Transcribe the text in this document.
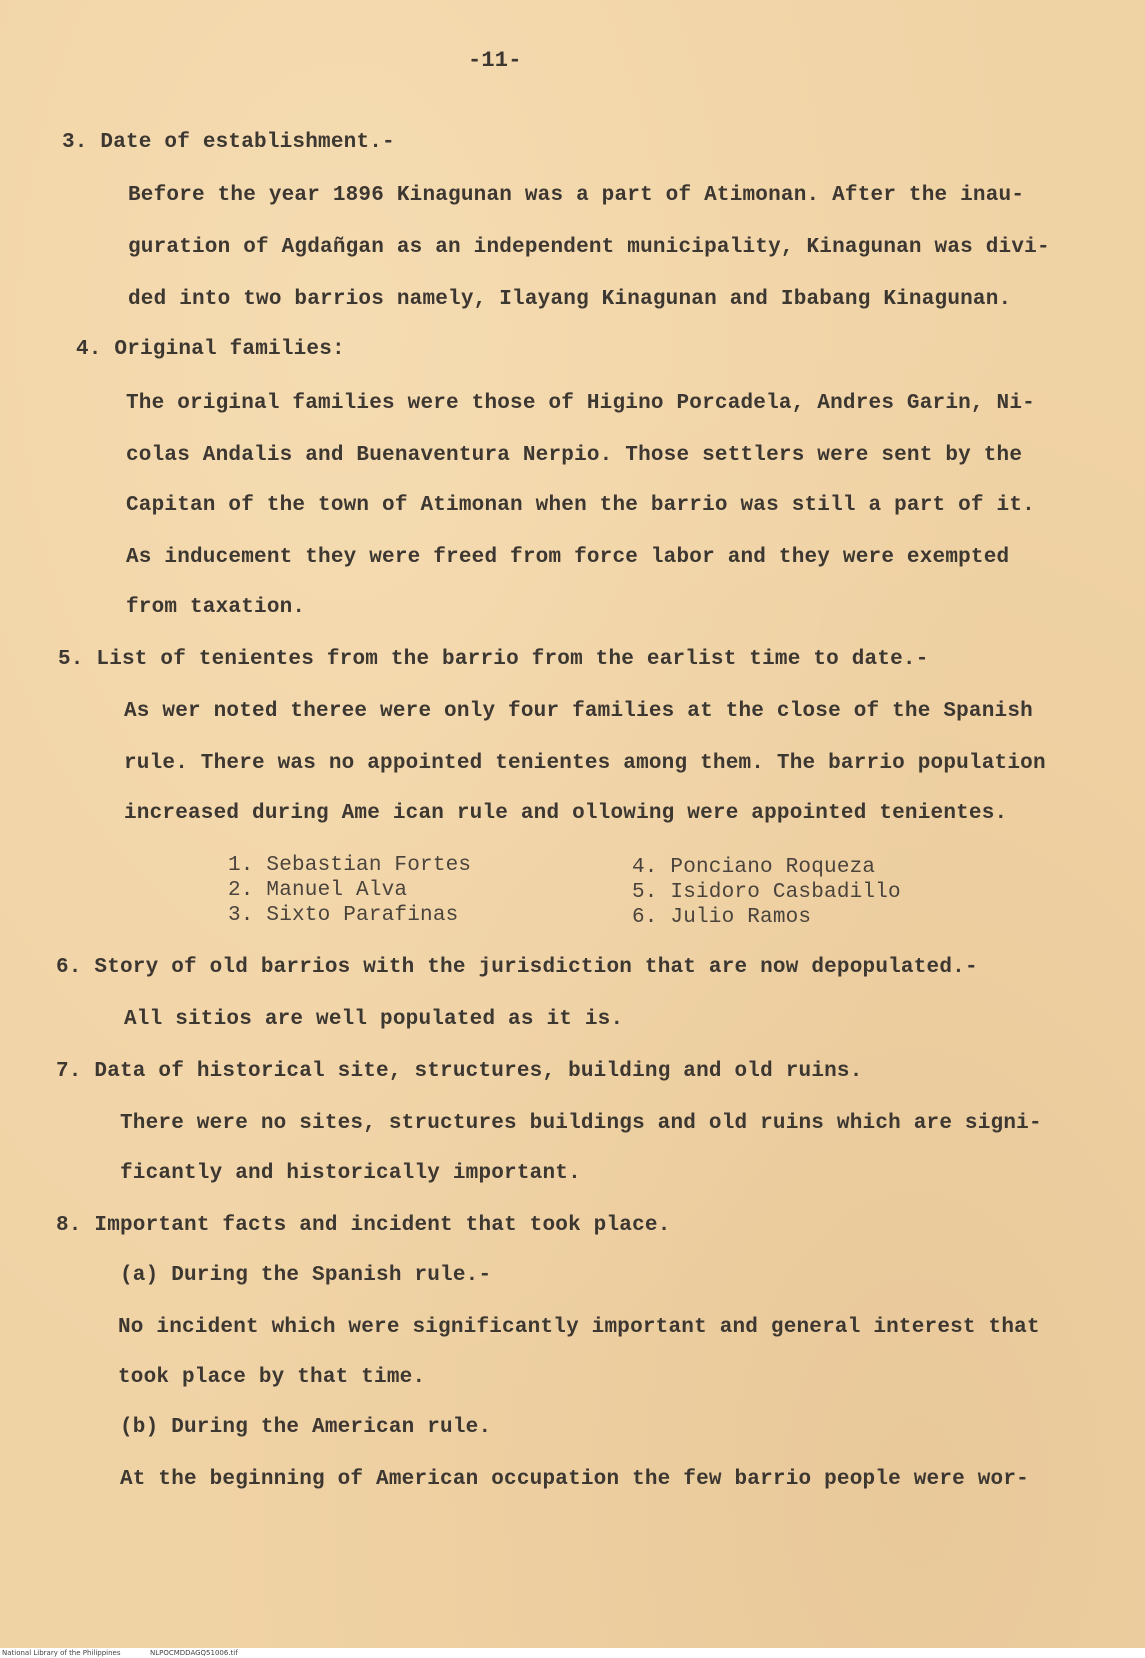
-11-
3. Date of establishment.-
Before the year 1896 Kinagunan was a part of Atimonan. After the inau-
guration of Agdañgan as an independent municipality, Kinagunan was divi-
ded into two barrios namely, Ilayang Kinagunan and Ibabang Kinagunan.
4. Original families:
The original families were those of Higino Porcadela, Andres Garin, Ni-
colas Andalis and Buenaventura Nerpio. Those settlers were sent by the
Capitan of the town of Atimonan when the barrio was still a part of it.
As inducement they were freed from force labor and they were exempted
from taxation.
5. List of tenientes from the barrio from the earlist time to date.-
As wer noted theree were only four families at the close of the Spanish
rule. There was no appointed tenientes among them. The barrio population
increased during Ame ican rule and ollowing were appointed tenientes.
1. Sebastian Fortes
2. Manuel Alva
3. Sixto Parafinas
4. Ponciano Roqueza
5. Isidoro Casbadillo
6. Julio Ramos
6. Story of old barrios with the jurisdiction that are now depopulated.-
All sitios are well populated as it is.
7. Data of historical site, structures, building and old ruins.
There were no sites, structures buildings and old ruins which are signi-
ficantly and historically important.
8. Important facts and incident that took place.
(a) During the Spanish rule.-
No incident which were significantly important and general interest that
took place by that time.
(b) During the American rule.
At the beginning of American occupation the few barrio people were wor-
National Library of the Philippines	NLPOCMDDAGQ51006.tif
